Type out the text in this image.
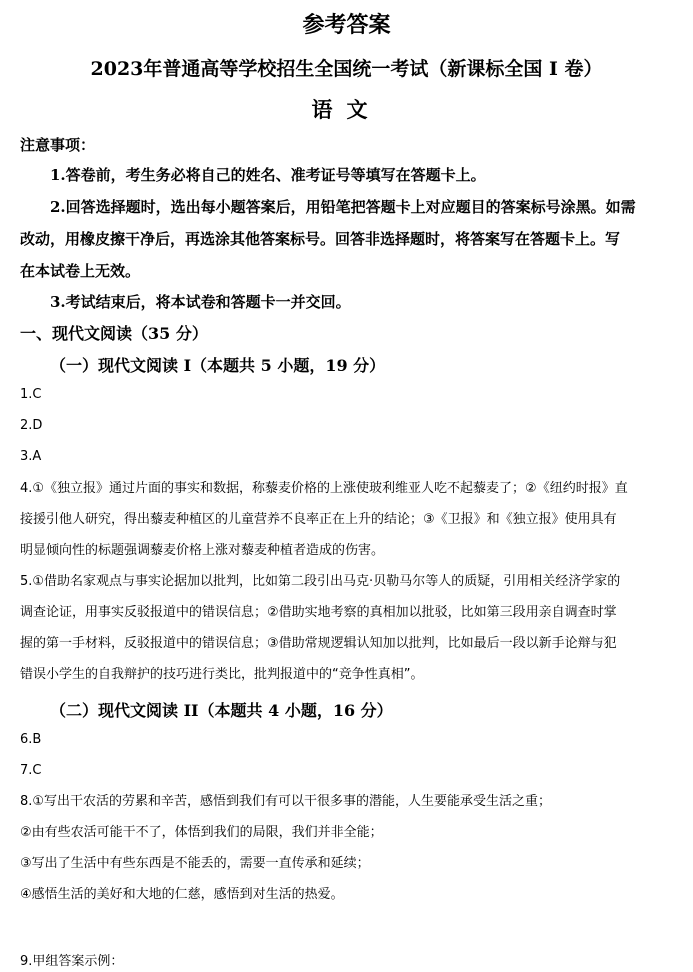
参考答案
2023年普通高等学校招生全国统一考试（新课标全国 I 卷）
语文
注意事项：
1.答卷前，考生务必将自己的姓名、准考证号等填写在答题卡上。
2.回答选择题时，选出每小题答案后，用铅笔把答题卡上对应题目的答案标号涂黑。如需
改动，用橡皮擦干净后，再选涂其他答案标号。回答非选择题时，将答案写在答题卡上。写
在本试卷上无效。
3.考试结束后，将本试卷和答题卡一并交回。
一、现代文阅读（35 分）
（一）现代文阅读 I（本题共 5 小题，19 分）
1.C
2.D
3.A
4.①《独立报》通过片面的事实和数据，称藜麦价格的上涨使玻利维亚人吃不起藜麦了；②《纽约时报》直
接援引他人研究，得出藜麦种植区的儿童营养不良率正在上升的结论；③《卫报》和《独立报》使用具有
明显倾向性的标题强调藜麦价格上涨对藜麦种植者造成的伤害。
5.①借助名家观点与事实论据加以批判，比如第二段引出马克·贝勒马尔等人的质疑，引用相关经济学家的
调查论证，用事实反驳报道中的错误信息；②借助实地考察的真相加以批驳，比如第三段用亲自调查时掌
握的第一手材料，反驳报道中的错误信息；③借助常规逻辑认知加以批判，比如最后一段以新手论辩与犯
错误小学生的自我辩护的技巧进行类比，批判报道中的“竞争性真相”。
（二）现代文阅读 II（本题共 4 小题，16 分）
6.B
7.C
8.①写出干农活的劳累和辛苦，感悟到我们有可以干很多事的潜能，人生要能承受生活之重；
②由有些农活可能干不了，体悟到我们的局限，我们并非全能；
③写出了生活中有些东西是不能丢的，需要一直传承和延续；
④感悟生活的美好和大地的仁慈，感悟到对生活的热爱。
9.甲组答案示例：
